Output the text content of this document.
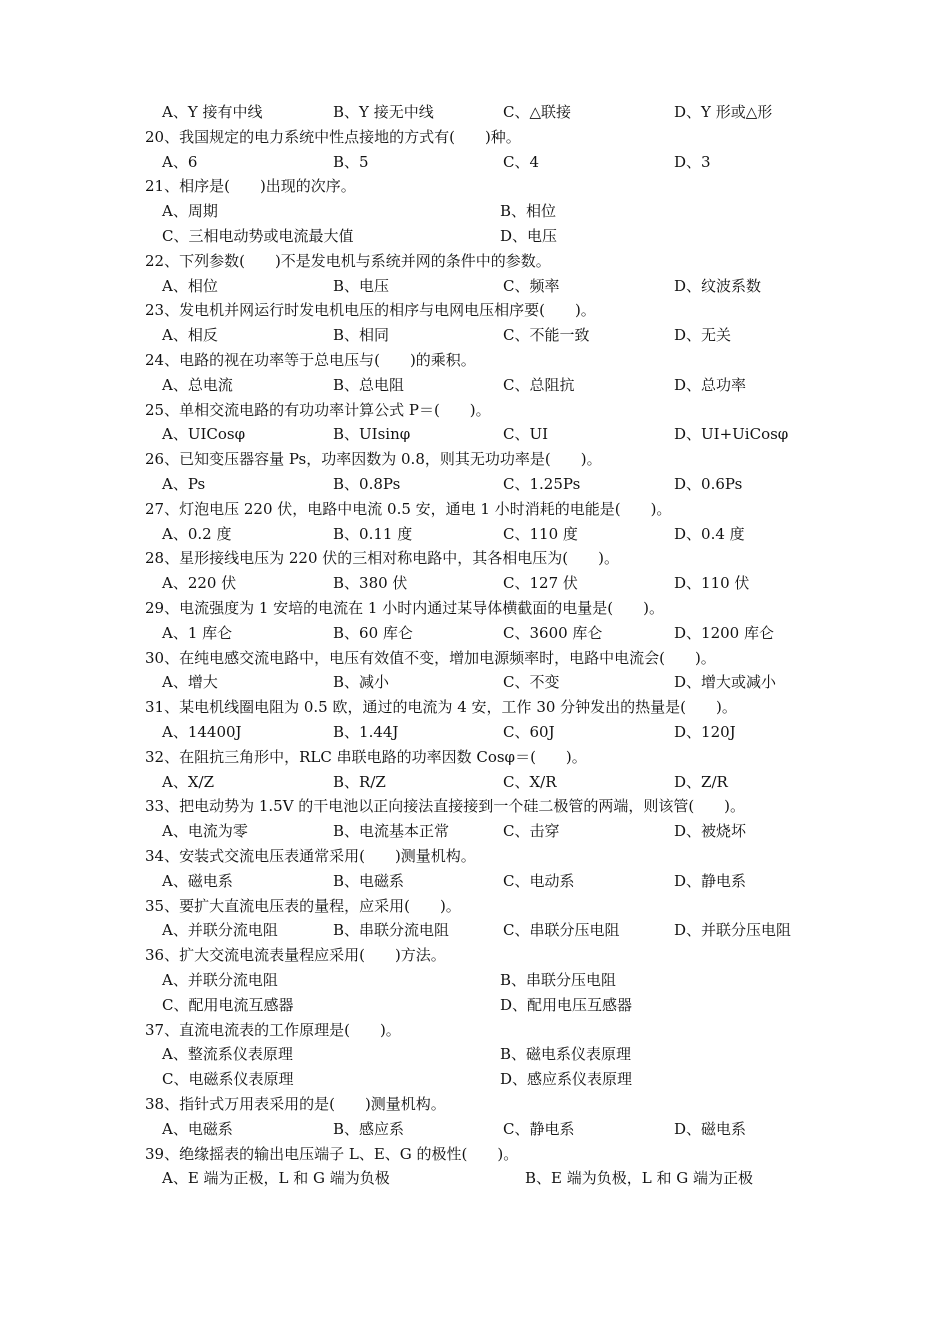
A、Y 接有中线	B、Y 接无中线	C、△联接	D、Y 形或△形
20、我国规定的电力系统中性点接地的方式有(　　)种。
A、6	B、5	C、4	D、3
21、相序是(　　)出现的次序。
A、周期	B、相位
C、三相电动势或电流最大值	D、电压
22、下列参数(　　)不是发电机与系统并网的条件中的参数。
A、相位	B、电压	C、频率	D、纹波系数
23、发电机并网运行时发电机电压的相序与电网电压相序要(　　)。
A、相反	B、相同	C、不能一致	D、无关
24、电路的视在功率等于总电压与(　　)的乘积。
A、总电流	B、总电阻	C、总阻抗	D、总功率
25、单相交流电路的有功功率计算公式 P＝(　　)。
A、UICosφ	B、UIsinφ	C、UI	D、UI+UiCosφ
26、已知变压器容量 Ps，功率因数为 0.8，则其无功功率是(　　)。
A、Ps	B、0.8Ps	C、1.25Ps	D、0.6Ps
27、灯泡电压 220 伏，电路中电流 0.5 安，通电 1 小时消耗的电能是(　　)。
A、0.2 度	B、0.11 度	C、110 度	D、0.4 度
28、星形接线电压为 220 伏的三相对称电路中，其各相电压为(　　)。
A、220 伏	B、380 伏	C、127 伏	D、110 伏
29、电流强度为 1 安培的电流在 1 小时内通过某导体横截面的电量是(　　)。
A、1 库仑	B、60 库仑	C、3600 库仑	D、1200 库仑
30、在纯电感交流电路中，电压有效值不变，增加电源频率时，电路中电流会(　　)。
A、增大	B、减小	C、不变	D、增大或减小
31、某电机线圈电阻为 0.5 欧，通过的电流为 4 安，工作 30 分钟发出的热量是(　　)。
A、14400J	B、1.44J	C、60J	D、120J
32、在阻抗三角形中，RLC 串联电路的功率因数 Cosφ＝(　　)。
A、X/Z	B、R/Z	C、X/R	D、Z/R
33、把电动势为 1.5V 的干电池以正向接法直接接到一个硅二极管的两端，则该管(　　)。
A、电流为零	B、电流基本正常	C、击穿	D、被烧坏
34、安装式交流电压表通常采用(　　)测量机构。
A、磁电系	B、电磁系	C、电动系	D、静电系
35、要扩大直流电压表的量程，应采用(　　)。
A、并联分流电阻	B、串联分流电阻	C、串联分压电阻	D、并联分压电阻
36、扩大交流电流表量程应采用(　　)方法。
A、并联分流电阻	B、串联分压电阻
C、配用电流互感器	D、配用电压互感器
37、直流电流表的工作原理是(　　)。
A、整流系仪表原理	B、磁电系仪表原理
C、电磁系仪表原理	D、感应系仪表原理
38、指针式万用表采用的是(　　)测量机构。
A、电磁系	B、感应系	C、静电系	D、磁电系
39、绝缘摇表的输出电压端子 L、E、G 的极性(　　)。
A、E 端为正极，L 和 G 端为负极	B、E 端为负极，L 和 G 端为正极
